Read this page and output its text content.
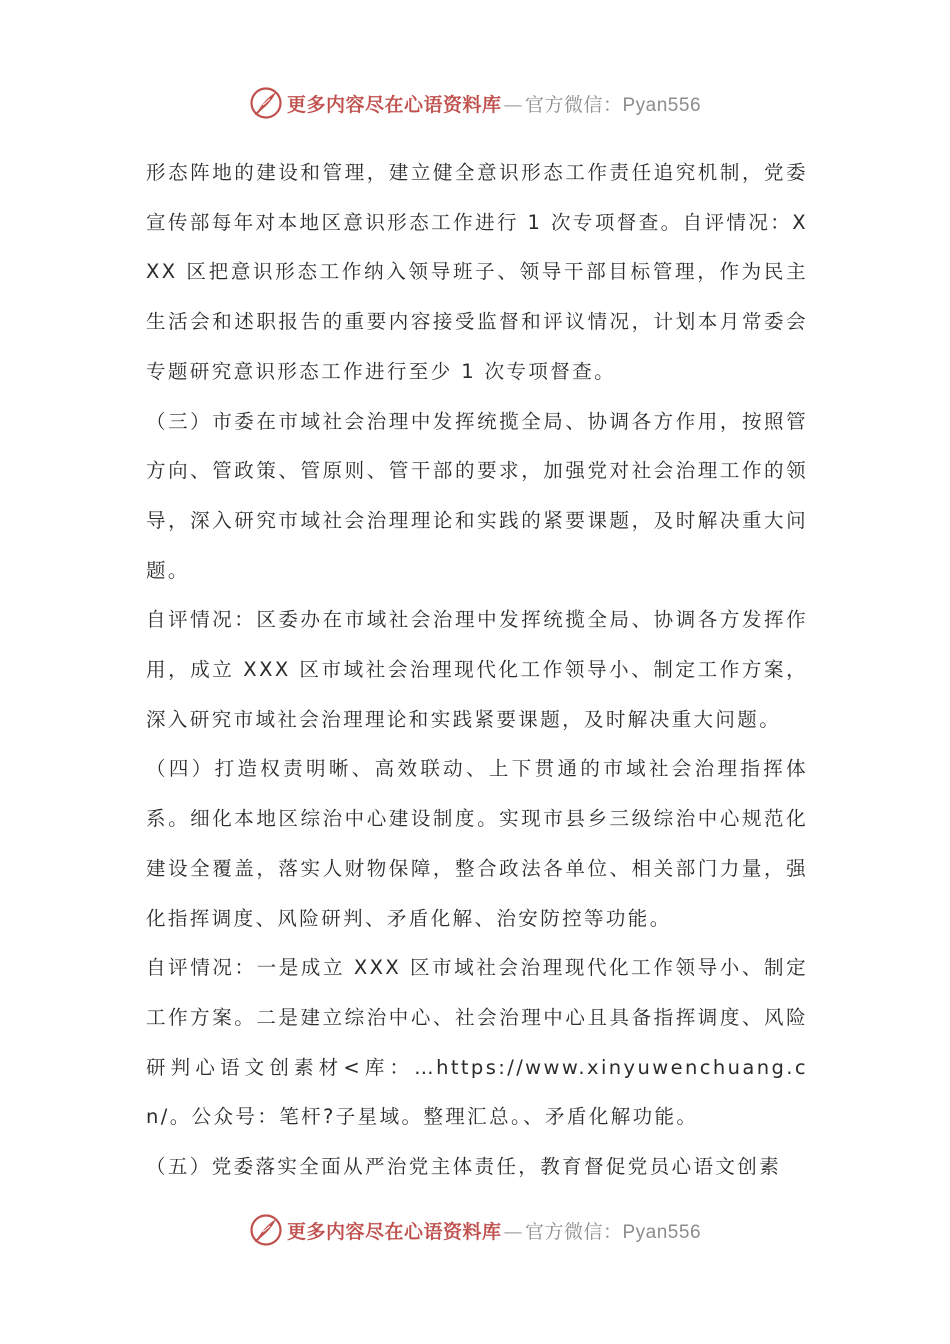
更多内容尽在心语资料库 — 官方微信：Pyan556

形态阵地的建设和管理，建立健全意识形态工作责任追究机制，党委宣传部每年对本地区意识形态工作进行 1 次专项督查。自评情况：XXX 区把意识形态工作纳入领导班子、领导干部目标管理，作为民主生活会和述职报告的重要内容接受监督和评议情况，计划本月常委会专题研究意识形态工作进行至少 1 次专项督查。

（三）市委在市域社会治理中发挥统揽全局、协调各方作用，按照管方向、管政策、管原则、管干部的要求，加强党对社会治理工作的领导，深入研究市域社会治理理论和实践的紧要课题，及时解决重大问题。

自评情况：区委办在市域社会治理中发挥统揽全局、协调各方发挥作用，成立 XXX 区市域社会治理现代化工作领导小、制定工作方案，深入研究市域社会治理理论和实践紧要课题，及时解决重大问题。

（四）打造权责明晰、高效联动、上下贯通的市域社会治理指挥体系。细化本地区综治中心建设制度。实现市县乡三级综治中心规范化建设全覆盖，落实人财物保障，整合政法各单位、相关部门力量，强化指挥调度、风险研判、矛盾化解、治安防控等功能。

自评情况：一是成立 XXX 区市域社会治理现代化工作领导小、制定工作方案。二是建立综治中心、社会治理中心且具备指挥调度、风险研判心语文创素材<库：…https://www.xinyuwenchuang.cn/。公众号：笔杆?子星域。整理汇总。、矛盾化解功能。

（五）党委落实全面从严治党主体责任，教育督促党员心语文创素

更多内容尽在心语资料库 — 官方微信：Pyan556
